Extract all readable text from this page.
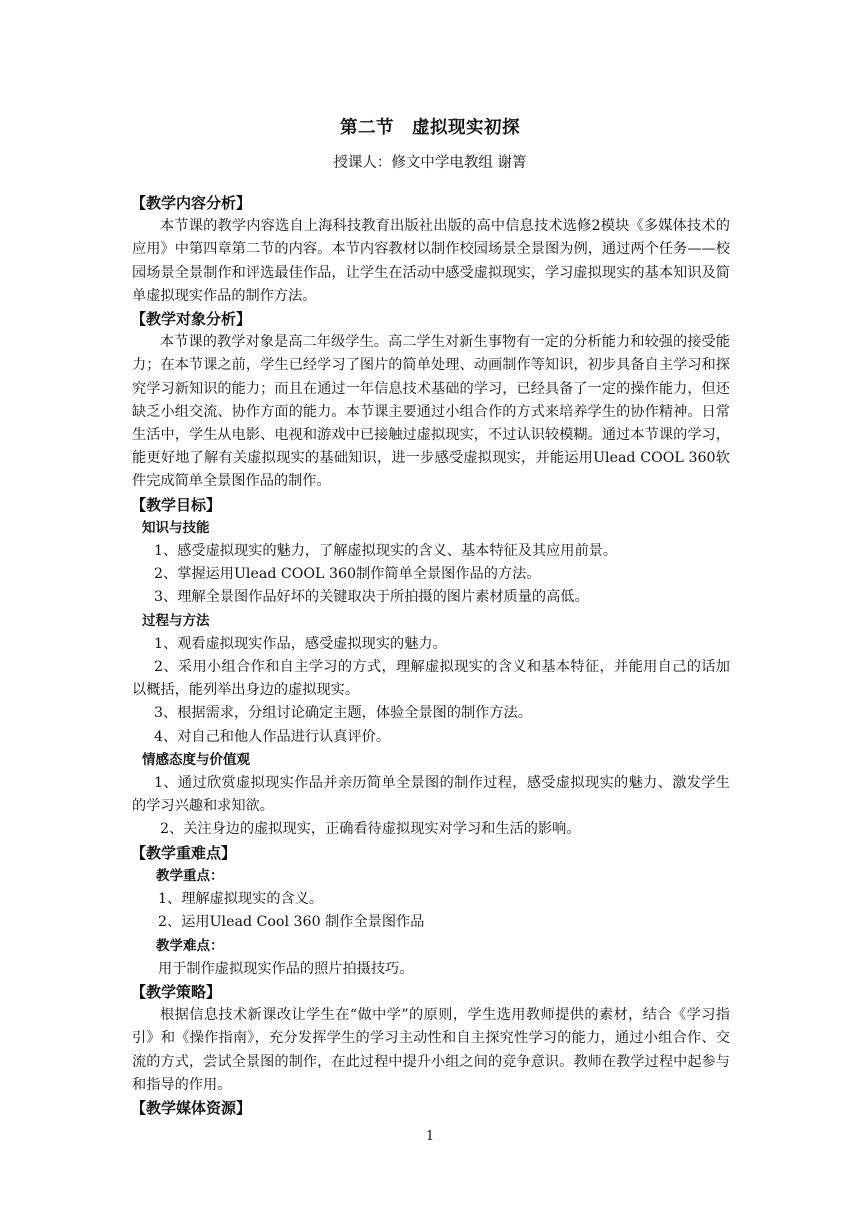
第二节　虚拟现实初探
授课人：修文中学电教组 谢箐

【教学内容分析】

本节课的教学内容选自上海科技教育出版社出版的高中信息技术选修2模块《多媒体技术的应用》中第四章第二节的内容。本节内容教材以制作校园场景全景图为例，通过两个任务——校园场景全景制作和评选最佳作品，让学生在活动中感受虚拟现实，学习虚拟现实的基本知识及简单虚拟现实作品的制作方法。

【教学对象分析】

本节课的教学对象是高二年级学生。高二学生对新生事物有一定的分析能力和较强的接受能力；在本节课之前，学生已经学习了图片的简单处理、动画制作等知识，初步具备自主学习和探究学习新知识的能力；而且在通过一年信息技术基础的学习，已经具备了一定的操作能力，但还缺乏小组交流、协作方面的能力。本节课主要通过小组合作的方式来培养学生的协作精神。日常生活中，学生从电影、电视和游戏中已接触过虚拟现实，不过认识较模糊。通过本节课的学习，能更好地了解有关虚拟现实的基础知识，进一步感受虚拟现实，并能运用Ulead COOL 360软件完成简单全景图作品的制作。

【教学目标】

知识与技能

1、感受虚拟现实的魅力，了解虚拟现实的含义、基本特征及其应用前景。

2、掌握运用Ulead COOL 360制作简单全景图作品的方法。

3、理解全景图作品好坏的关键取决于所拍摄的图片素材质量的高低。

过程与方法

1、观看虚拟现实作品，感受虚拟现实的魅力。

2、采用小组合作和自主学习的方式，理解虚拟现实的含义和基本特征，并能用自己的话加以概括，能列举出身边的虚拟现实。

3、根据需求，分组讨论确定主题，体验全景图的制作方法。

4、对自己和他人作品进行认真评价。

情感态度与价值观

1、通过欣赏虚拟现实作品并亲历简单全景图的制作过程，感受虚拟现实的魅力、激发学生的学习兴趣和求知欲。

2、关注身边的虚拟现实，正确看待虚拟现实对学习和生活的影响。

【教学重难点】

教学重点：

1、理解虚拟现实的含义。

2、运用Ulead Cool 360 制作全景图作品

教学难点：

用于制作虚拟现实作品的照片拍摄技巧。

【教学策略】

根据信息技术新课改让学生在“做中学”的原则，学生选用教师提供的素材，结合《学习指引》和《操作指南》，充分发挥学生的学习主动性和自主探究性学习的能力，通过小组合作、交流的方式，尝试全景图的制作，在此过程中提升小组之间的竞争意识。教师在教学过程中起参与和指导的作用。

【教学媒体资源】

1
